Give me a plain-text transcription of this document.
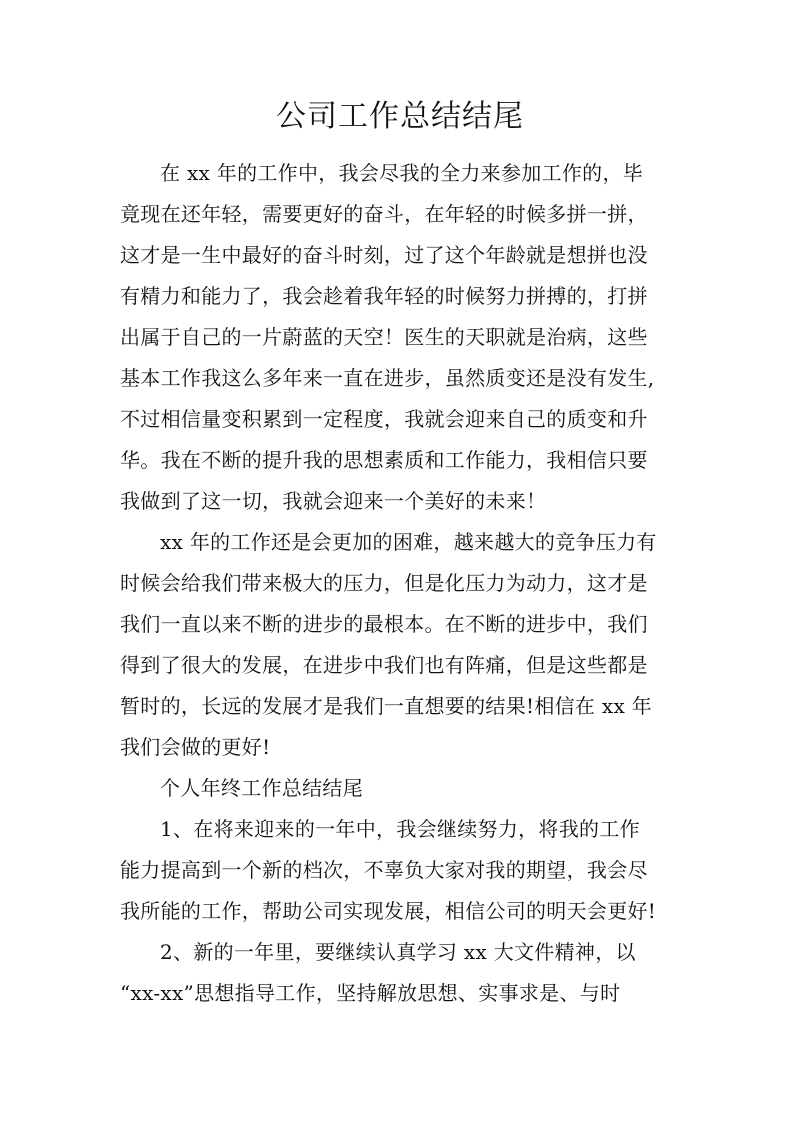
公司工作总结结尾
在 xx 年的工作中，我会尽我的全力来参加工作的，毕
竟现在还年轻，需要更好的奋斗，在年轻的时候多拼一拼，
这才是一生中最好的奋斗时刻，过了这个年龄就是想拼也没
有精力和能力了，我会趁着我年轻的时候努力拼搏的，打拼
出属于自己的一片蔚蓝的天空！医生的天职就是治病，这些
基本工作我这么多年来一直在进步，虽然质变还是没有发生,
不过相信量变积累到一定程度，我就会迎来自己的质变和升
华。我在不断的提升我的思想素质和工作能力，我相信只要
我做到了这一切，我就会迎来一个美好的未来！
xx 年的工作还是会更加的困难，越来越大的竞争压力有
时候会给我们带来极大的压力，但是化压力为动力，这才是
我们一直以来不断的进步的最根本。在不断的进步中，我们
得到了很大的发展，在进步中我们也有阵痛，但是这些都是
暂时的，长远的发展才是我们一直想要的结果!相信在 xx 年
我们会做的更好!
个人年终工作总结结尾
1、在将来迎来的一年中，我会继续努力，将我的工作
能力提高到一个新的档次，不辜负大家对我的期望，我会尽
我所能的工作，帮助公司实现发展，相信公司的明天会更好!
2、新的一年里，要继续认真学习 xx 大文件精神，以
“xx-xx”思想指导工作，坚持解放思想、实事求是、与时
